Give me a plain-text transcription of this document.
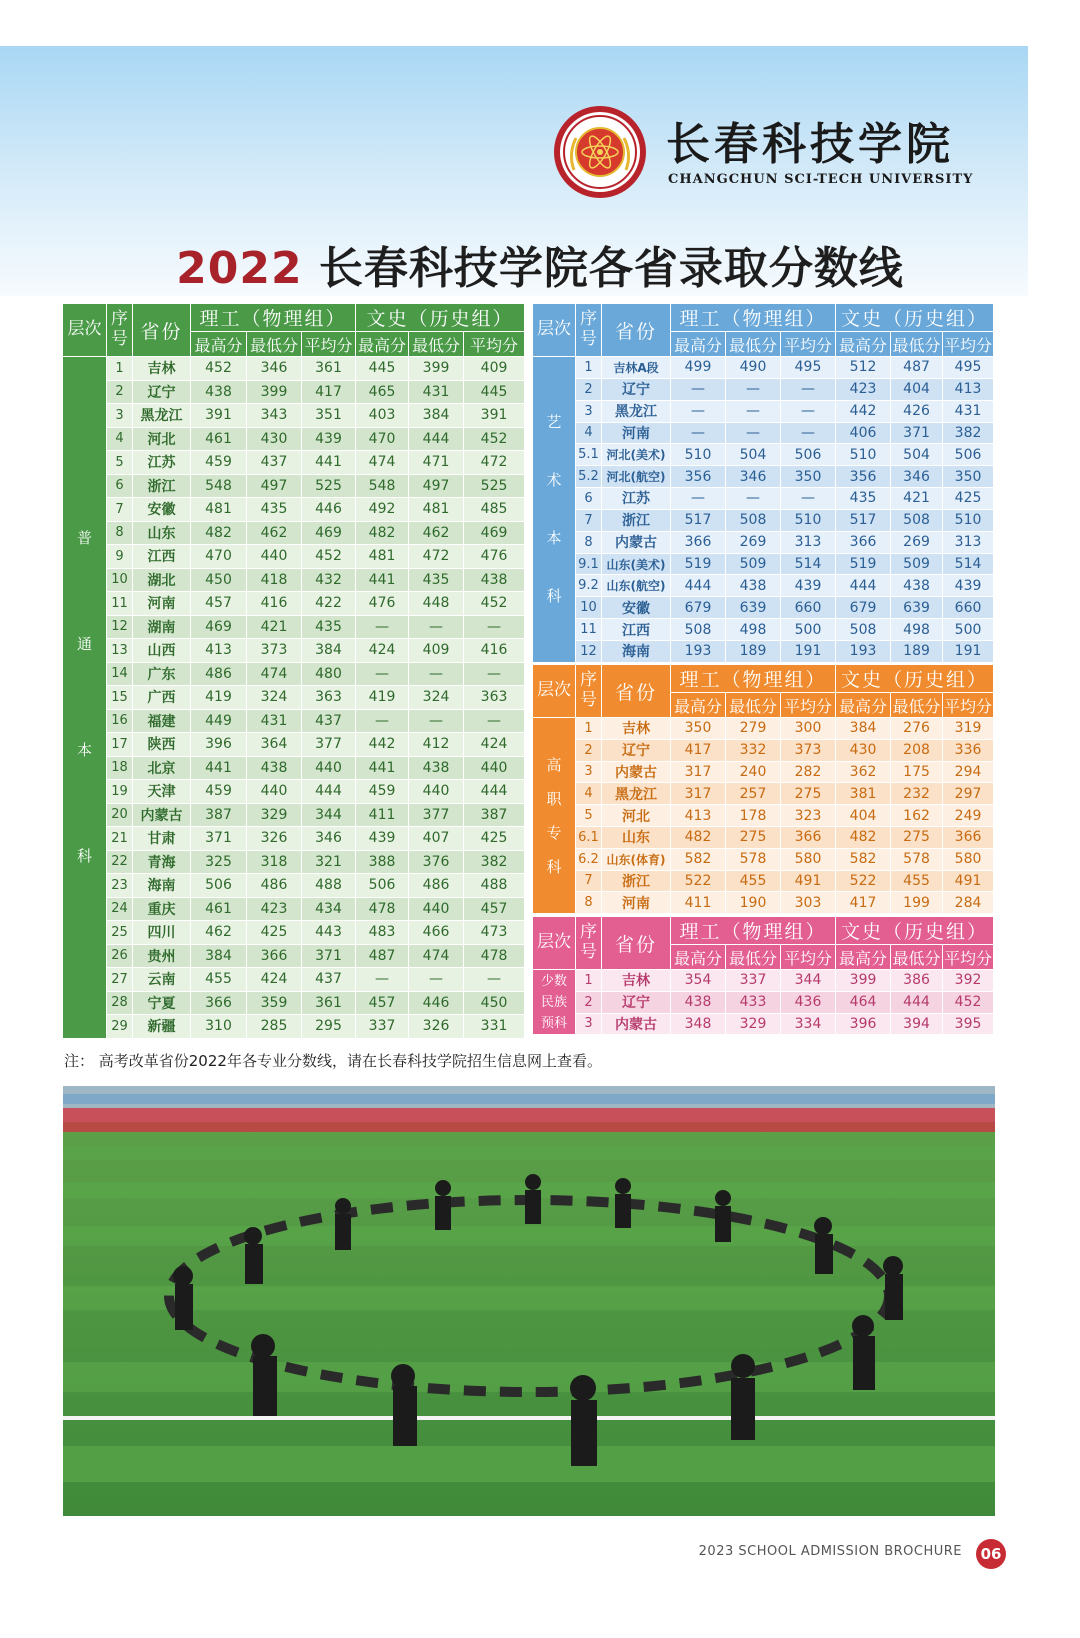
长春科技学院
CHANGCHUN SCI-TECH UNIVERSITY
2022 长春科技学院各省录取分数线
层次	序号	省份	理工（物理组）			文史（历史组）		
			最高分	最低分	平均分	最高分	最低分	平均分

普
通
本
科	1	吉林	452	346	361	445	399	409
	2	辽宁	438	399	417	465	431	445
	3	黑龙江	391	343	351	403	384	391
	4	河北	461	430	439	470	444	452
	5	江苏	459	437	441	474	471	472
	6	浙江	548	497	525	548	497	525
	7	安徽	481	435	446	492	481	485
	8	山东	482	462	469	482	462	469
	9	江西	470	440	452	481	472	476
	10	湖北	450	418	432	441	435	438
	11	河南	457	416	422	476	448	452
	12	湖南	469	421	435	—	—	—
	13	山西	413	373	384	424	409	416
	14	广东	486	474	480	—	—	—
	15	广西	419	324	363	419	324	363
	16	福建	449	431	437	—	—	—
	17	陕西	396	364	377	442	412	424
	18	北京	441	438	440	441	438	440
	19	天津	459	440	444	459	440	444
	20	内蒙古	387	329	344	411	377	387
	21	甘肃	371	326	346	439	407	425
	22	青海	325	318	321	388	376	382
	23	海南	506	486	488	506	486	488
	24	重庆	461	423	434	478	440	457
	25	四川	462	425	443	483	466	473
	26	贵州	384	366	371	487	474	478
	27	云南	455	424	437	—	—	—
	28	宁夏	366	359	361	457	446	450
	29	新疆	310	285	295	337	326	331
层次	序号	省份	理工（物理组）			文史（历史组）		
			最高分	最低分	平均分	最高分	最低分	平均分

艺
术
本
科	1	吉林A段	499	490	495	512	487	495
	2	辽宁	—	—	—	423	404	413
	3	黑龙江	—	—	—	442	426	431
	4	河南	—	—	—	406	371	382
	5.1	河北(美术)	510	504	506	510	504	506
	5.2	河北(航空)	356	346	350	356	346	350
	6	江苏	—	—	—	435	421	425
	7	浙江	517	508	510	517	508	510
	8	内蒙古	366	269	313	366	269	313
	9.1	山东(美术)	519	509	514	519	509	514
	9.2	山东(航空)	444	438	439	444	438	439
	10	安徽	679	639	660	679	639	660
	11	江西	508	498	500	508	498	500
	12	海南	193	189	191	193	189	191
层次	序号	省份	理工（物理组）			文史（历史组）		
			最高分	最低分	平均分	最高分	最低分	平均分

高
职
专
科	1	吉林	350	279	300	384	276	319
	2	辽宁	417	332	373	430	208	336
	3	内蒙古	317	240	282	362	175	294
	4	黑龙江	317	257	275	381	232	297
	5	河北	413	178	323	404	162	249
	6.1	山东	482	275	366	482	275	366
	6.2	山东(体育)	582	578	580	582	578	580
	7	浙江	522	455	491	522	455	491
	8	河南	411	190	303	417	199	284
层次	序号	省份	理工（物理组）			文史（历史组）		
			最高分	最低分	平均分	最高分	最低分	平均分

少数
民族
预科	1	吉林	354	337	344	399	386	392
	2	辽宁	438	433	436	464	444	452
	3	内蒙古	348	329	334	396	394	395
注： 高考改革省份2022年各专业分数线，请在长春科技学院招生信息网上查看。
2023 SCHOOL ADMISSION BROCHURE	06
